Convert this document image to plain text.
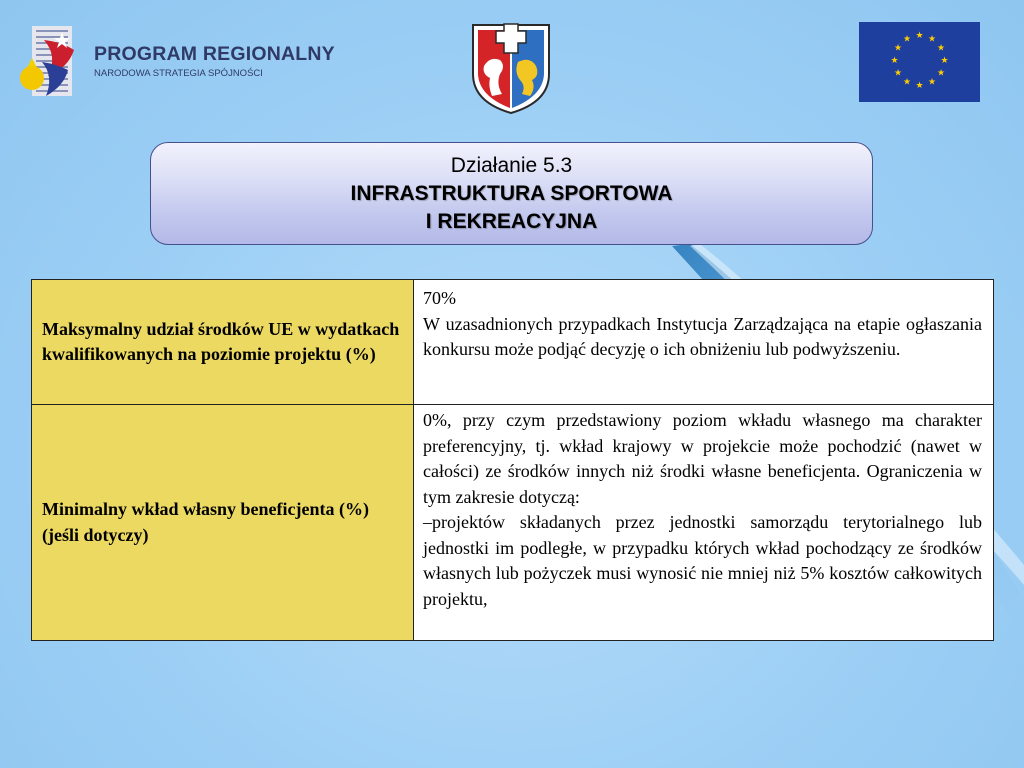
PROGRAM REGIONALNY
NARODOWA STRATEGIA SPÓJNOŚCI
★ ★
★
★
★
★
★
★
★
★
★
★
Działanie 5.3
INFRASTRUKTURA SPORTOWA
I REKREACYJNA
Maksymalny udział środków UE w wydatkach kwalifikowanych na poziomie projektu (%)	70%

W uzasadnionych przypadkach Instytucja Zarządzająca na etapie ogłaszania konkursu może podjąć decyzję o ich obniżeniu lub podwyższeniu.

Minimalny wkład własny beneficjenta (%) (jeśli dotyczy)	0%, przy czym przedstawiony poziom wkładu własnego ma charakter preferencyjny, tj. wkład krajowy w projekcie może pochodzić (nawet w całości) ze środków innych niż środki własne beneficjenta. Ograniczenia w tym zakresie dotyczą:

–projektów składanych przez jednostki samorządu terytorialnego lub jednostki im podległe, w przypadku których wkład pochodzący ze środków własnych lub pożyczek musi wynosić nie mniej niż 5% kosztów całkowitych projektu,
